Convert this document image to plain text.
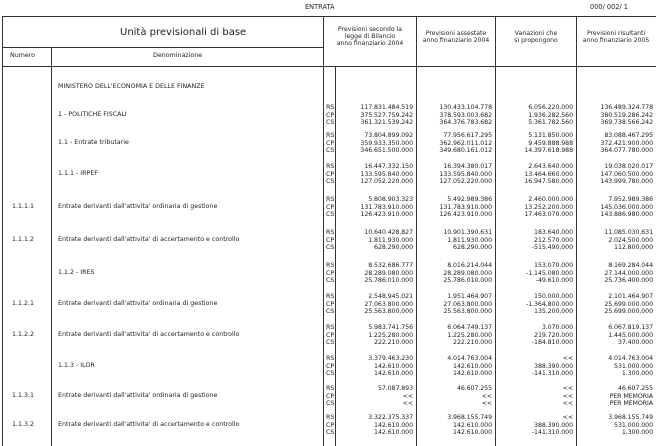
ENTRATA	000/ 002/ 1
Unità previsionali di base
Numero	Denominazione
Previsioni secondo la
legge di Bilancio
anno finanziario 2004
Previsioni assestate
anno finanziario 2004
Variazioni che
si propongono
Previsioni risultanti
anno finanziario 2005
MINISTERO DELL'ECONOMIA E DELLE FINANZE
1 - POLITICHE FISCALI
RS	117.831.484.519	130.433.104.778	6.056.220.000	136.489.324.778
CP	375.527.759.242	378.593.003.682	1.936.282.560	380.519.286.242
CS	361.321.539.242	364.376.783.682	5.361.782.560	369.738.566.242
1.1 - Entrate tributarie
RS	73.804.899.092	77.956.617.295	5.131.850.000	83.088.467.295
CP	359.933.350.000	362.962.011.012	9.459.888.988	372.421.900.000
CS	346.651.500.000	349.680.161.012	14.397.618.988	364.077.780.000
1.1.1 - IRPEF
RS	16.447.332.150	16.394.380.017	2.643.640.000	19.038.020.017
CP	133.595.840.000	133.595.840.000	13.464.660.000	147.060.500.000
CS	127.052.220.000	127.052.220.000	16.947.580.000	143.999.780.000
1.1.1.1	Entrate derivanti dall'attivita' ordinaria di gestione
RS	5.808.903.323	5.492.989.386	2.460.000.000	7.952.989.386
CP	131.783.910.000	131.783.910.000	13.252.200.000	145.036.000.000
CS	126.423.910.000	126.423.910.000	17.463.070.000	143.886.980.000
1.1.1.2	Entrate derivanti dall'attivita' di accertamento e controllo
RS	10.640.428.827	10.901.390.631	183.640.000	11.085.030.631
CP	1.811.930.000	1.811.930.000	212.570.000	2.024.500.000
CS	628.290.000	628.290.000	-515.490.000	112.800.000
1.1.2 - IRES
RS	8.532.686.777	8.016.214.044	153.070.000	8.169.284.044
CP	28.289.080.000	28.289.080.000	-1.145.080.000	27.144.000.000
CS	25.786.010.000	25.786.010.000	-49.610.000	25.736.400.000
1.1.2.1	Entrate derivanti dall'attivita' ordinaria di gestione
RS	2.548.945.021	1.951.464.907	150.000.000	2.101.464.907
CP	27.063.800.000	27.063.800.000	-1.364.800.000	25.699.000.000
CS	25.563.800.000	25.563.800.000	135.200.000	25.699.000.000
1.1.2.2	Entrate derivanti dall'attivita' di accertamento e controllo
RS	5.983.741.756	6.064.749.137	3.070.000	6.067.819.137
CP	1.225.280.000	1.225.280.000	219.720.000	1.445.000.000
CS	222.210.000	222.210.000	-184.810.000	37.400.000
1.1.3 - ILOR
RS	3.379.463.230	4.014.763.004	<<	4.014.763.004
CP	142.610.000	142.610.000	388.390.000	531.000.000
CS	142.610.000	142.610.000	-141.310.000	1.300.000
1.1.3.1	Entrate derivanti dall'attivita' ordinaria di gestione
RS	57.087.893	46.607.255	<<	46.607.255
CP	<<	<<	<<	PER MEMORIA
CS	<<	<<	<<	PER MEMORIA
1.1.3.2	Entrate derivanti dall'attivita' di accertamento e controllo
RS	3.322.375.337	3.968.155.749	<<	3.968.155.749
CP	142.610.000	142.610.000	388.390.000	531.000.000
CS	142.610.000	142.610.000	-141.310.000	1.300.000
